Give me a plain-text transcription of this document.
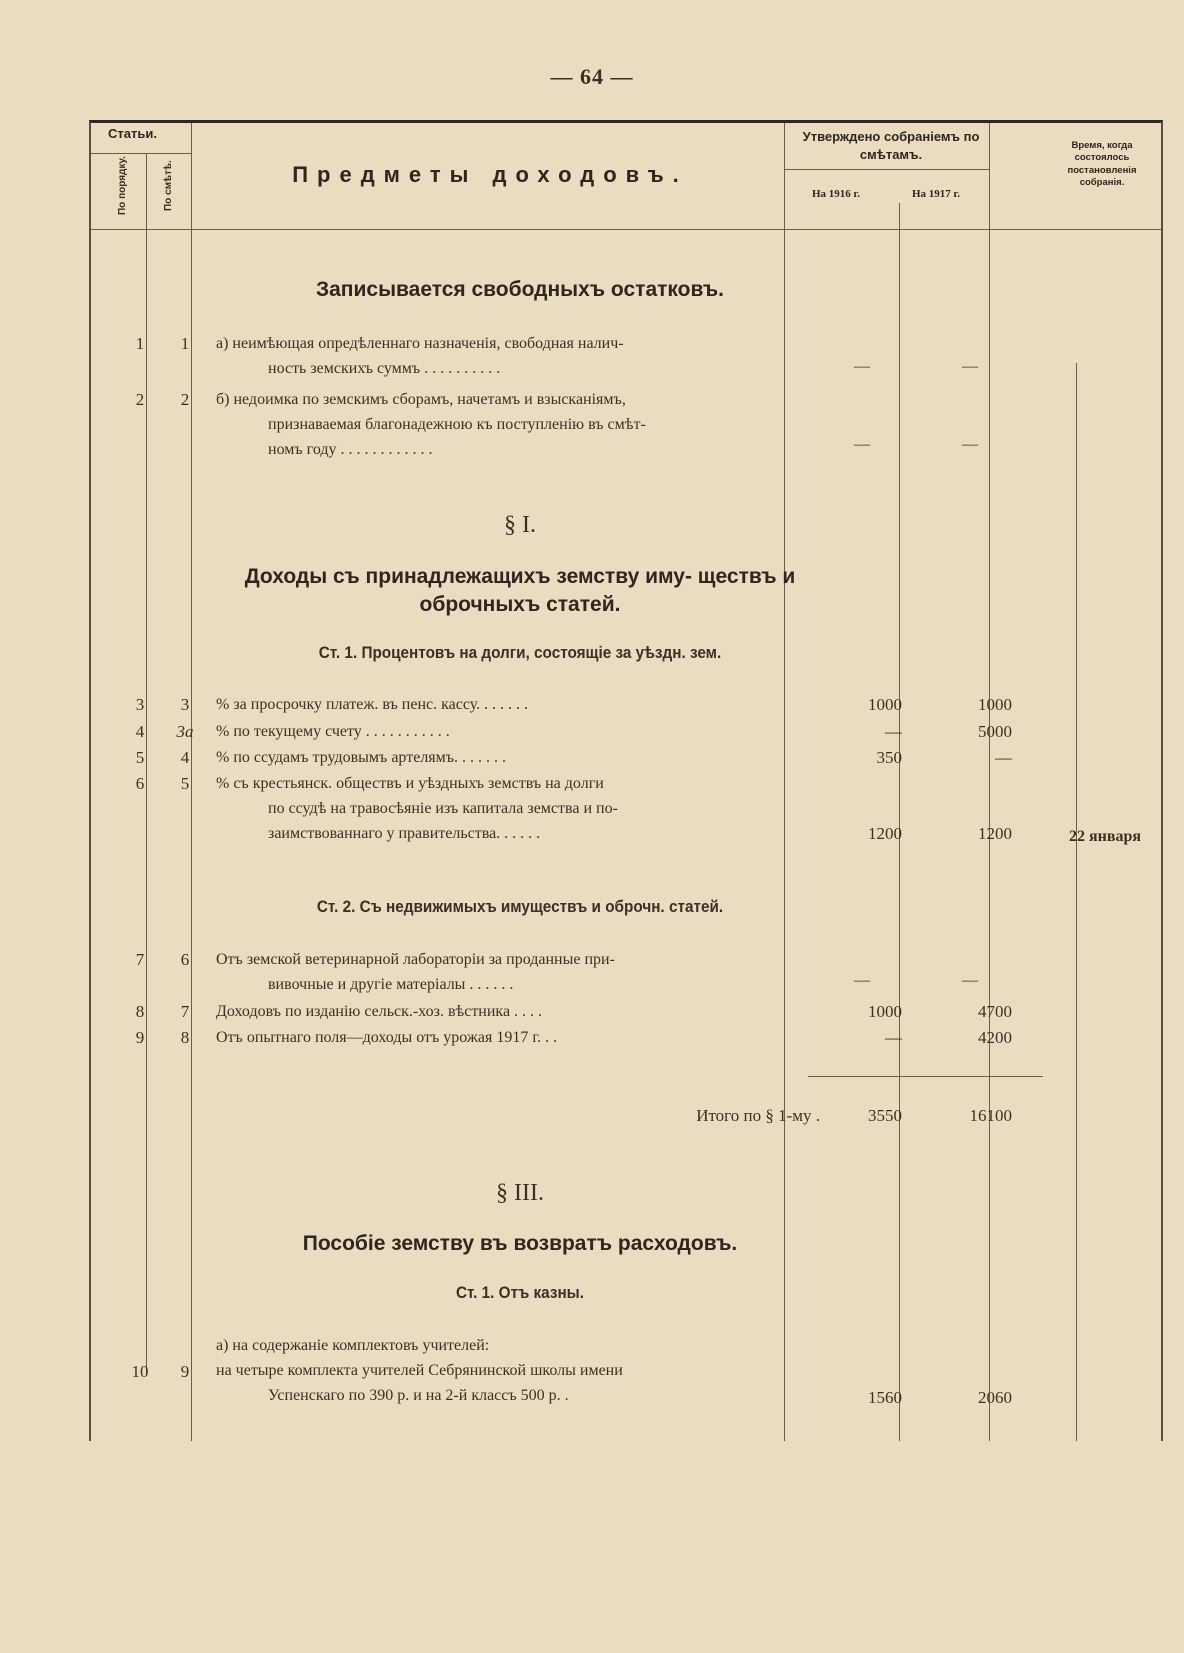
— 64 —
Статьи.
По порядку.	По смѣтѣ.	Предметы доходовъ.
Утверждено собраніемъ по смѣтамъ.
На 1916 г.	На 1917 г.
Время, когда состоялось постановленія собранія.
Записывается свободныхъ остатковъ.
1	1	а) неимѣющая опредѣленнаго назначенія, свободная налич-
ность земскихъ суммъ . . . . . . . . . .	—	—
2	2	б) недоимка по земскимъ сборамъ, начетамъ и взысканіямъ,
признаваемая благонадежною къ поступленію въ смѣт-
номъ году . . . . . . . . . . . .	—	—
§ I.
Доходы съ принадлежащихъ земству иму- ществъ и оброчныхъ статей.
Ст. 1. Процентовъ на долги, состоящіе за уѣздн. зем.
3	3	% за просрочку платеж. въ пенс. кассу. . . . . . .	1000	1000
4	3а	% по текущему счету . . . . . . . . . . .	—	5000
5	4	% по ссудамъ трудовымъ артелямъ. . . . . . .	350	—
6	5	% съ крестьянск. обществъ и уѣздныхъ земствъ на долги
по ссудѣ на травосѣяніе изъ капитала земства и по-
заимствованнаго у правительства. . . . . .	1200	1200	22 января
Ст. 2. Съ недвижимыхъ имуществъ и оброчн. статей.
7	6	Отъ земской ветеринарной лабораторіи за проданные при-
вивочные и другіе матеріалы . . . . . .	—	—
8	7	Доходовъ по изданію сельск.-хоз. вѣстника . . . .	1000	4700
9	8	Отъ опытнаго поля—доходы отъ урожая 1917 г. . .	—	4200
Итого по § 1-му .	3550	16100
§ III.
Пособіе земству въ возвратъ расходовъ.
Ст. 1. Отъ казны.
10	9
а) на содержаніе комплектовъ учителей:
на четыре комплекта учителей Себрянинской школы имени
Успенскаго по 390 р. и на 2-й классъ 500 р. .	1560	2060
